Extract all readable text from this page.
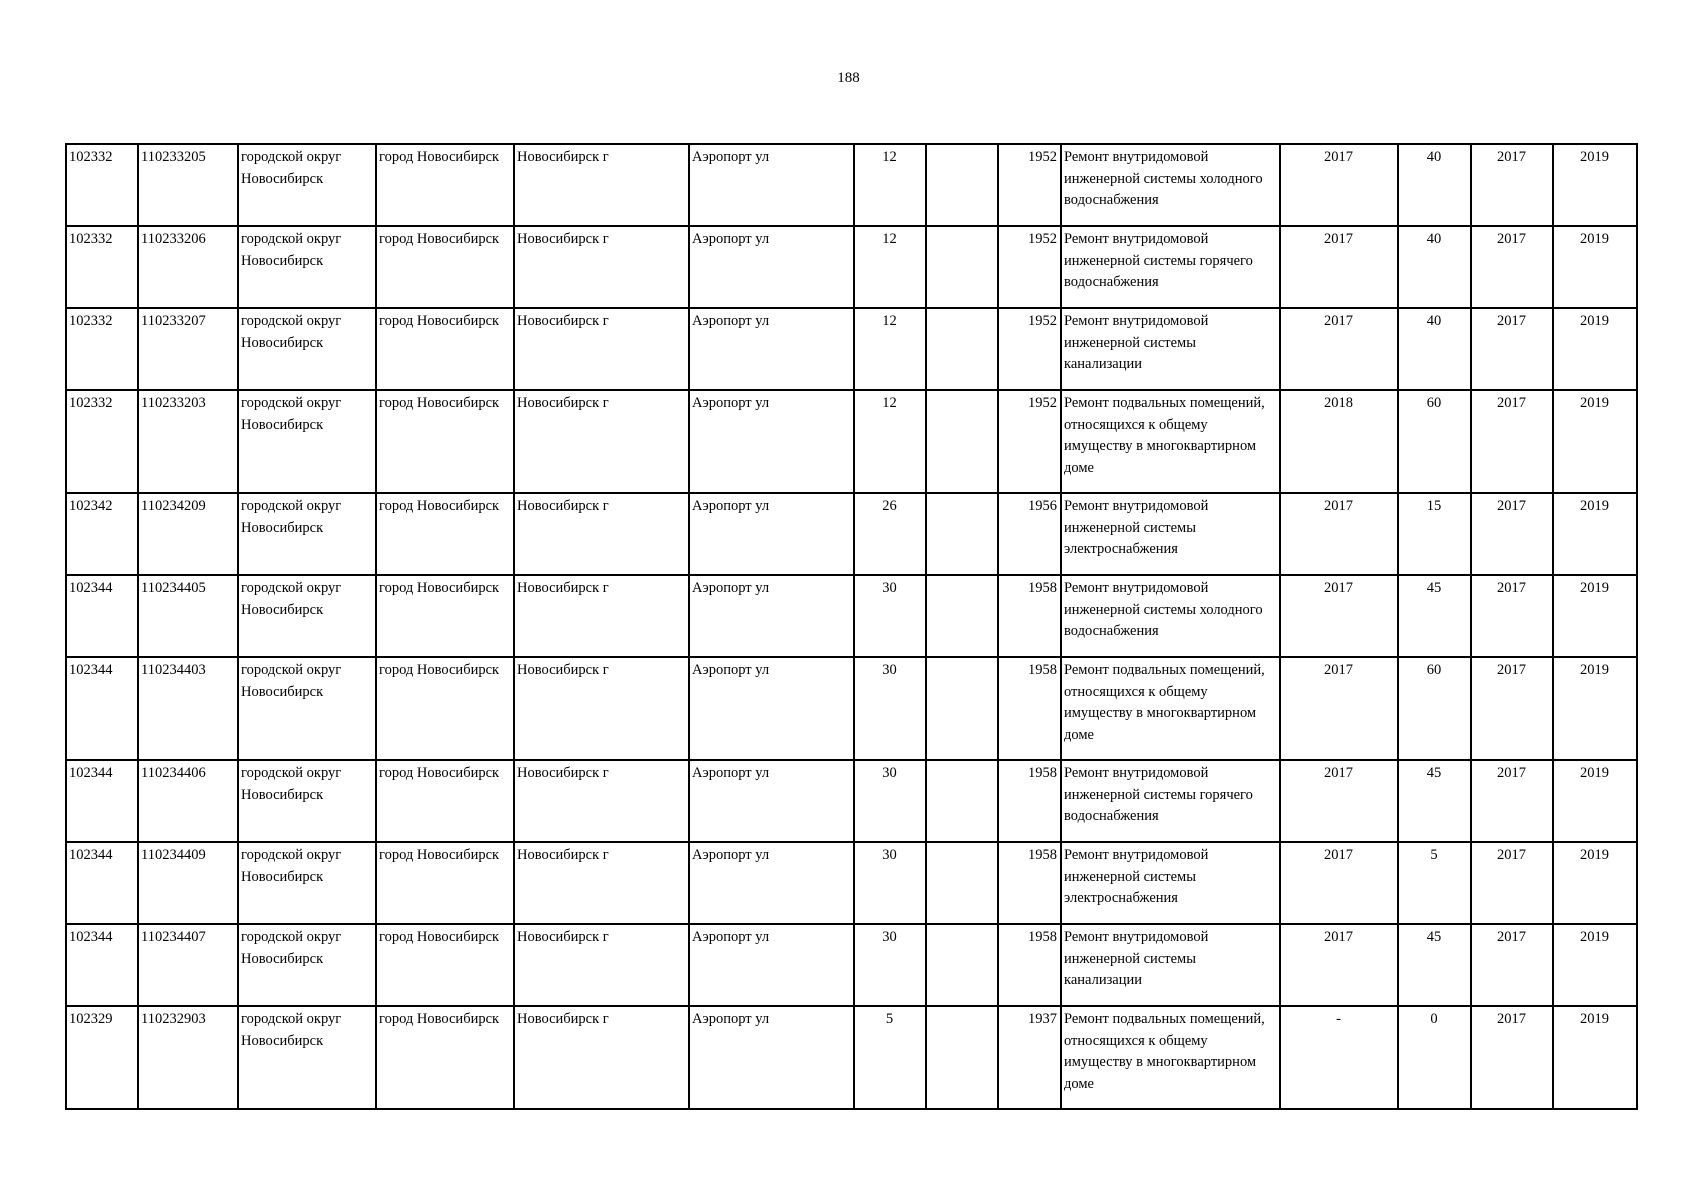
188
102332	110233205	городской округ Новосибирск	город Новосибирск	Новосибирск г	Аэропорт ул	12		1952	Ремонт внутридомовой инженерной системы холодного водоснабжения	2017	40	2017	2019
102332	110233206	городской округ Новосибирск	город Новосибирск	Новосибирск г	Аэропорт ул	12		1952	Ремонт внутридомовой инженерной системы горячего водоснабжения	2017	40	2017	2019
102332	110233207	городской округ Новосибирск	город Новосибирск	Новосибирск г	Аэропорт ул	12		1952	Ремонт внутридомовой инженерной системы канализации	2017	40	2017	2019
102332	110233203	городской округ Новосибирск	город Новосибирск	Новосибирск г	Аэропорт ул	12		1952	Ремонт подвальных помещений, относящихся к общему имуществу в многоквартирном доме	2018	60	2017	2019
102342	110234209	городской округ Новосибирск	город Новосибирск	Новосибирск г	Аэропорт ул	26		1956	Ремонт внутридомовой инженерной системы электроснабжения	2017	15	2017	2019
102344	110234405	городской округ Новосибирск	город Новосибирск	Новосибирск г	Аэропорт ул	30		1958	Ремонт внутридомовой инженерной системы холодного водоснабжения	2017	45	2017	2019
102344	110234403	городской округ Новосибирск	город Новосибирск	Новосибирск г	Аэропорт ул	30		1958	Ремонт подвальных помещений, относящихся к общему имуществу в многоквартирном доме	2017	60	2017	2019
102344	110234406	городской округ Новосибирск	город Новосибирск	Новосибирск г	Аэропорт ул	30		1958	Ремонт внутридомовой инженерной системы горячего водоснабжения	2017	45	2017	2019
102344	110234409	городской округ Новосибирск	город Новосибирск	Новосибирск г	Аэропорт ул	30		1958	Ремонт внутридомовой инженерной системы электроснабжения	2017	5	2017	2019
102344	110234407	городской округ Новосибирск	город Новосибирск	Новосибирск г	Аэропорт ул	30		1958	Ремонт внутридомовой инженерной системы канализации	2017	45	2017	2019
102329	110232903	городской округ Новосибирск	город Новосибирск	Новосибирск г	Аэропорт ул	5		1937	Ремонт подвальных помещений, относящихся к общему имуществу в многоквартирном доме	-	0	2017	2019
